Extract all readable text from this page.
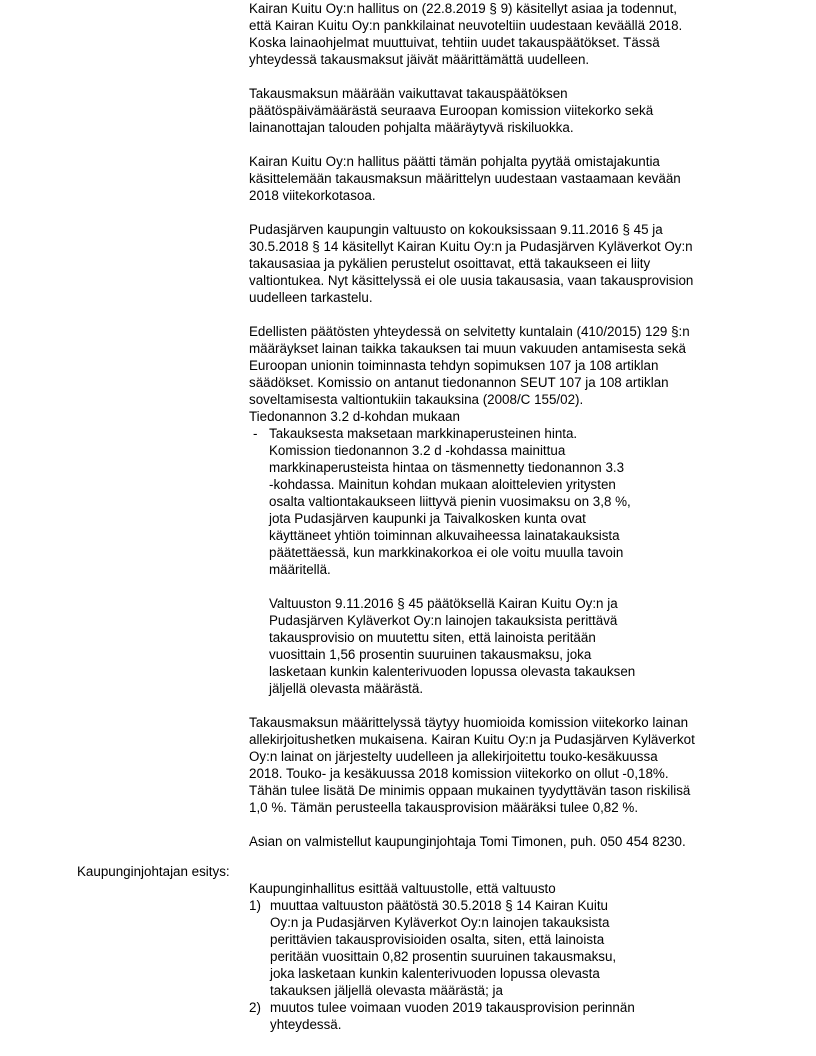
Kairan Kuitu Oy:n hallitus on (22.8.2019 § 9) käsitellyt asiaa ja todennut,
että Kairan Kuitu Oy:n pankkilainat neuvoteltiin uudestaan keväällä 2018.
Koska lainaohjelmat muuttuivat, tehtiin uudet takauspäätökset. Tässä
yhteydessä takausmaksut jäivät määrittämättä uudelleen.
Takausmaksun määrään vaikuttavat takauspäätöksen
päätöspäivämäärästä seuraava Euroopan komission viitekorko sekä
lainanottajan talouden pohjalta määräytyvä riskiluokka.
Kairan Kuitu Oy:n hallitus päätti tämän pohjalta pyytää omistajakuntia
käsittelemään takausmaksun määrittelyn uudestaan vastaamaan kevään
2018 viitekorkotasoa.
Pudasjärven kaupungin valtuusto on kokouksissaan 9.11.2016 § 45 ja
30.5.2018 § 14 käsitellyt Kairan Kuitu Oy:n ja Pudasjärven Kyläverkot Oy:n
takausasiaa ja pykälien perustelut osoittavat, että takaukseen ei liity
valtiontukea. Nyt käsittelyssä ei ole uusia takausasia, vaan takausprovision
uudelleen tarkastelu.
Edellisten päätösten yhteydessä on selvitetty kuntalain (410/2015) 129 §:n
määräykset lainan taikka takauksen tai muun vakuuden antamisesta sekä
Euroopan unionin toiminnasta tehdyn sopimuksen 107 ja 108 artiklan
säädökset. Komissio on antanut tiedonannon SEUT 107 ja 108 artiklan
soveltamisesta valtiontukiin takauksina (2008/C 155/02).
Tiedonannon 3.2 d-kohdan mukaan
- Takauksesta maksetaan markkinaperusteinen hinta.
Komission tiedonannon 3.2 d -kohdassa mainittua
markkinaperusteista hintaa on täsmennetty tiedonannon 3.3
-kohdassa. Mainitun kohdan mukaan aloittelevien yritysten
osalta valtiontakaukseen liittyvä pienin vuosimaksu on 3,8 %,
jota Pudasjärven kaupunki ja Taivalkosken kunta ovat
käyttäneet yhtiön toiminnan alkuvaiheessa lainatakauksista
päätettäessä, kun markkinakorkoa ei ole voitu muulla tavoin
määritellä.
Valtuuston 9.11.2016 § 45 päätöksellä Kairan Kuitu Oy:n ja
Pudasjärven Kyläverkot Oy:n lainojen takauksista perittävä
takausprovisio on muutettu siten, että lainoista peritään
vuosittain 1,56 prosentin suuruinen takausmaksu, joka
lasketaan kunkin kalenterivuoden lopussa olevasta takauksen
jäljellä olevasta määrästä.
Takausmaksun määrittelyssä täytyy huomioida komission viitekorko lainan
allekirjoitushetken mukaisena. Kairan Kuitu Oy:n ja Pudasjärven Kyläverkot
Oy:n lainat on järjestelty uudelleen ja allekirjoitettu touko-kesäkuussa
2018. Touko- ja kesäkuussa 2018 komission viitekorko on ollut -0,18%.
Tähän tulee lisätä De minimis oppaan mukainen tyydyttävän tason riskilisä
1,0 %. Tämän perusteella takausprovision määräksi tulee 0,82 %.
Asian on valmistellut kaupunginjohtaja Tomi Timonen, puh. 050 454 8230.
Kaupunginjohtajan esitys:
Kaupunginhallitus esittää valtuustolle, että valtuusto
1) muuttaa valtuuston päätöstä 30.5.2018 § 14 Kairan Kuitu
Oy:n ja Pudasjärven Kyläverkot Oy:n lainojen takauksista
perittävien takausprovisioiden osalta, siten, että lainoista
peritään vuosittain 0,82 prosentin suuruinen takausmaksu,
joka lasketaan kunkin kalenterivuoden lopussa olevasta
takauksen jäljellä olevasta määrästä; ja
2) muutos tulee voimaan vuoden 2019 takausprovision perinnän
yhteydessä.
